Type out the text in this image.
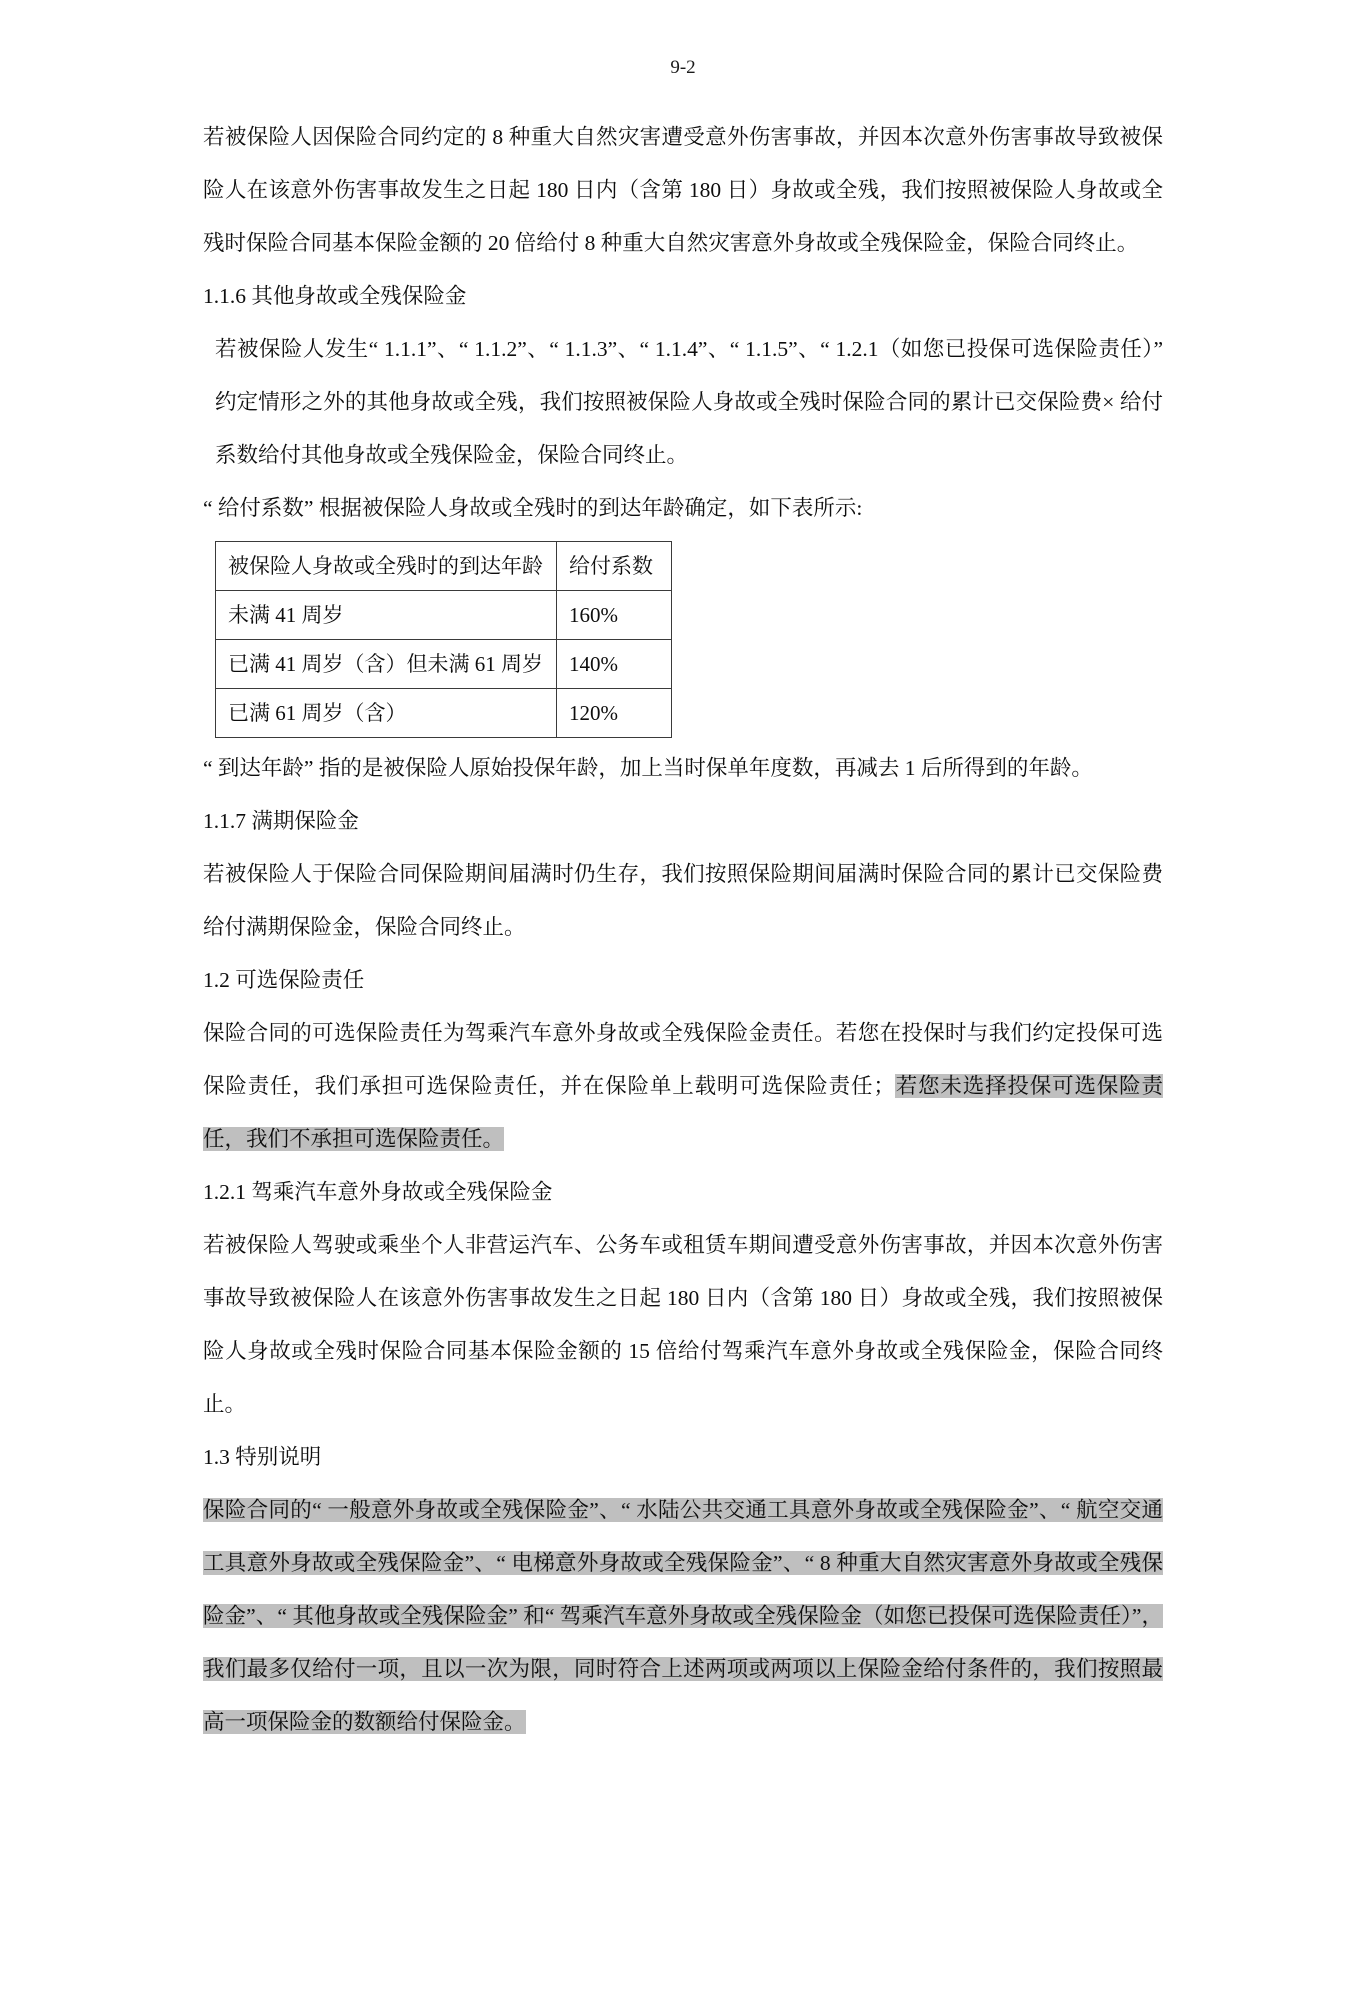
9-2

若被保险人因保险合同约定的 8 种重大自然灾害遭受意外伤害事故，并因本次意外伤害事故导致被保险人在该意外伤害事故发生之日起 180 日内（含第 180 日）身故或全残，我们按照被保险人身故或全残时保险合同基本保险金额的 20 倍给付 8 种重大自然灾害意外身故或全残保险金，保险合同终止。

1.1.6 其他身故或全残保险金

若被保险人发生“ 1.1.1”、“ 1.1.2”、“ 1.1.3”、“ 1.1.4”、“ 1.1.5”、“ 1.2.1（如您已投保可选保险责任）” 约定情形之外的其他身故或全残，我们按照被保险人身故或全残时保险合同的累计已交保险费× 给付系数给付其他身故或全残保险金，保险合同终止。

“ 给付系数” 根据被保险人身故或全残时的到达年龄确定，如下表所示:

被保险人身故或全残时的到达年龄	给付系数
未满 41 周岁	160%
已满 41 周岁（含）但未满 61 周岁	140%
已满 61 周岁（含）	120%

“ 到达年龄” 指的是被保险人原始投保年龄，加上当时保单年度数，再减去 1 后所得到的年龄。

1.1.7 满期保险金

若被保险人于保险合同保险期间届满时仍生存，我们按照保险期间届满时保险合同的累计已交保险费给付满期保险金，保险合同终止。

1.2 可选保险责任

保险合同的可选保险责任为驾乘汽车意外身故或全残保险金责任。若您在投保时与我们约定投保可选保险责任，我们承担可选保险责任，并在保险单上载明可选保险责任；若您未选择投保可选保险责任，我们不承担可选保险责任。

1.2.1 驾乘汽车意外身故或全残保险金

若被保险人驾驶或乘坐个人非营运汽车、公务车或租赁车期间遭受意外伤害事故，并因本次意外伤害事故导致被保险人在该意外伤害事故发生之日起 180 日内（含第 180 日）身故或全残，我们按照被保险人身故或全残时保险合同基本保险金额的 15 倍给付驾乘汽车意外身故或全残保险金，保险合同终止。

1.3 特别说明

保险合同的“ 一般意外身故或全残保险金”、“ 水陆公共交通工具意外身故或全残保险金”、“ 航空交通工具意外身故或全残保险金”、“ 电梯意外身故或全残保险金”、“ 8 种重大自然灾害意外身故或全残保险金”、“ 其他身故或全残保险金” 和“ 驾乘汽车意外身故或全残保险金（如您已投保可选保险责任）”，我们最多仅给付一项，且以一次为限，同时符合上述两项或两项以上保险金给付条件的，我们按照最高一项保险金的数额给付保险金。
